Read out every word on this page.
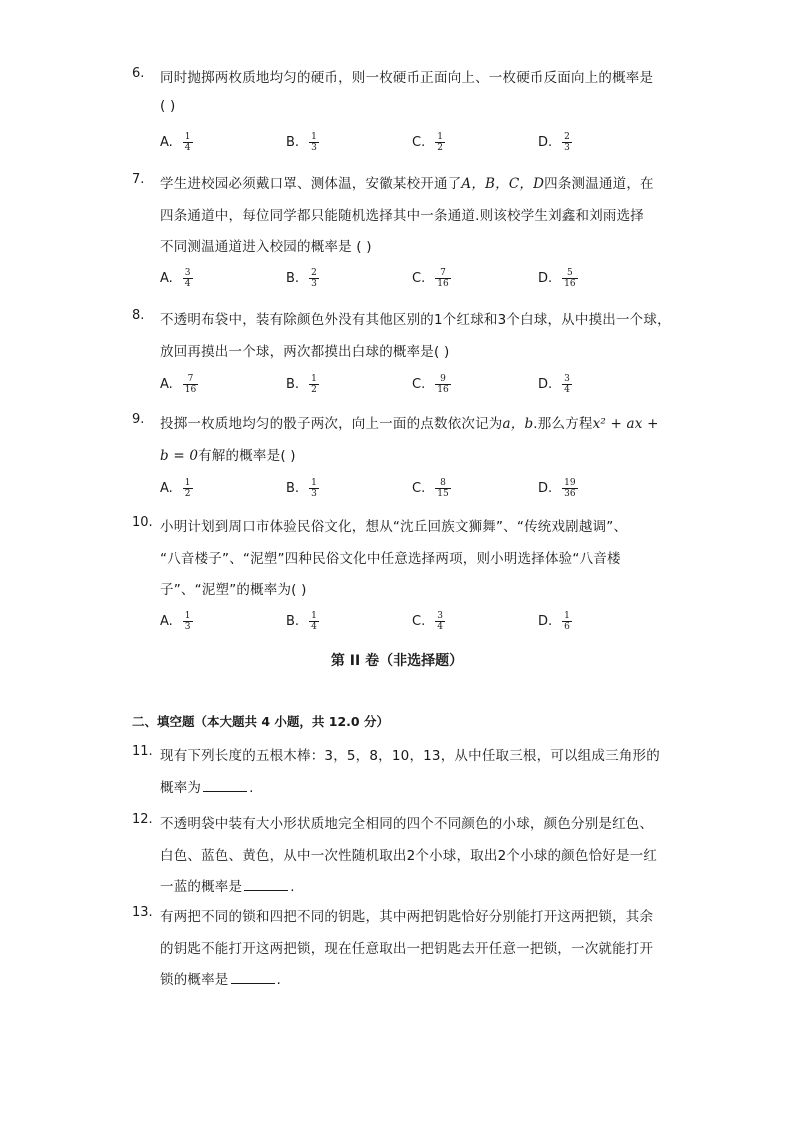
6.	同时抛掷两枚质地均匀的硬币，则一枚硬币正面向上、一枚硬币反面向上的概率是
( )
A. $\frac{1}{4}$	B. $\frac{1}{3}$	C. $\frac{1}{2}$	D. $\frac{2}{3}$
7.	学生进校园必须戴口罩、测体温，安徽某校开通了A，B，C，D四条测温通道，在
四条通道中，每位同学都只能随机选择其中一条通道.则该校学生刘鑫和刘雨选择
不同测温通道进入校园的概率是 ( )
A. $\frac{3}{4}$	B. $\frac{2}{3}$	C. $\frac{7}{16}$	D. $\frac{5}{16}$
8.	不透明布袋中，装有除颜色外没有其他区别的1个红球和3个白球，从中摸出一个球，
放回再摸出一个球，两次都摸出白球的概率是( )
A. $\frac{7}{16}$	B. $\frac{1}{2}$	C. $\frac{9}{16}$	D. $\frac{3}{4}$
9.	投掷一枚质地均匀的骰子两次，向上一面的点数依次记为a，b.那么方程x² + ax +
b = 0有解的概率是( )
A. $\frac{1}{2}$	B. $\frac{1}{3}$	C. $\frac{8}{15}$	D. $\frac{19}{36}$
10. 小明计划到周口市体验民俗文化，想从“沈丘回族文狮舞”、“传统戏剧越调”、
“八音楼子”、“泥塑”四种民俗文化中任意选择两项，则小明选择体验“八音楼
子”、“泥塑”的概率为( )
A. $\frac{1}{3}$	B. $\frac{1}{4}$	C. $\frac{3}{4}$	D. $\frac{1}{6}$
第 II 卷（非选择题）
二、填空题（本大题共 4 小题，共 12.0 分）
11. 现有下列长度的五根木棒：3，5，8，10，13，从中任取三根，可以组成三角形的
概率为	.
12. 不透明袋中装有大小形状质地完全相同的四个不同颜色的小球，颜色分别是红色、
白色、蓝色、黄色，从中一次性随机取出2个小球，取出2个小球的颜色恰好是一红
一蓝的概率是	.
13. 有两把不同的锁和四把不同的钥匙，其中两把钥匙恰好分别能打开这两把锁，其余
的钥匙不能打开这两把锁，现在任意取出一把钥匙去开任意一把锁，一次就能打开
锁的概率是	.
